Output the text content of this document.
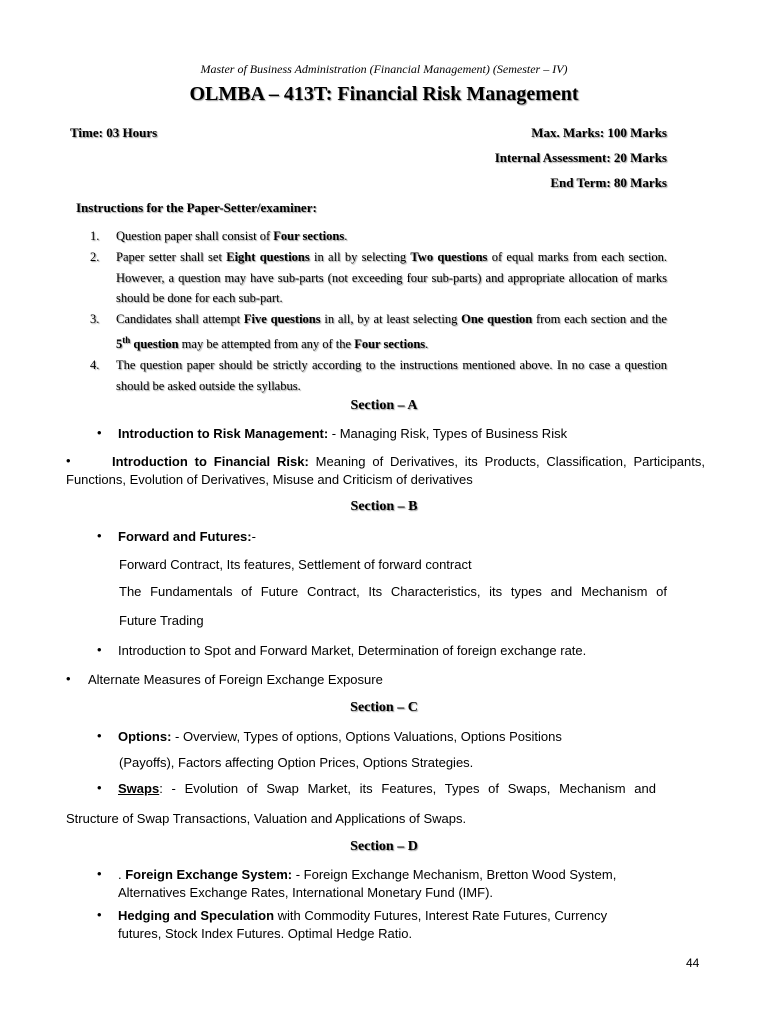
Master of Business Administration (Financial Management) (Semester – IV)
OLMBA – 413T: Financial Risk Management
Time: 03 Hours	Max. Marks: 100 Marks
Internal Assessment: 20 Marks
End Term: 80 Marks
Instructions for the Paper-Setter/examiner:
1.	Question paper shall consist of Four sections.
2.	Paper setter shall set Eight questions in all by selecting Two questions of equal marks from each section. However, a question may have sub-parts (not exceeding four sub-parts) and appropriate allocation of marks should be done for each sub-part.
3.	Candidates shall attempt Five questions in all, by at least selecting One question from each section and the 5th question may be attempted from any of the Four sections.
4.	The question paper should be strictly according to the instructions mentioned above. In no case a question should be asked outside the syllabus.
Section – A
• Introduction to Risk Management: - Managing Risk, Types of Business Risk
•	Introduction to Financial Risk: Meaning of Derivatives, its Products, Classification, Participants, Functions, Evolution of Derivatives, Misuse and Criticism of derivatives
Section – B
• Forward and Futures:-
Forward Contract, Its features, Settlement of forward contract
The Fundamentals of Future Contract, Its Characteristics, its types and Mechanism of
Future Trading
• Introduction to Spot and Forward Market, Determination of foreign exchange rate.
• Alternate Measures of Foreign Exchange Exposure
Section – C
• Options: - Overview, Types of options, Options Valuations, Options Positions
(Payoffs), Factors affecting Option Prices, Options Strategies.
• Swaps: - Evolution of Swap Market, its Features, Types of Swaps, Mechanism and
Structure of Swap Transactions, Valuation and Applications of Swaps.
Section – D
• . Foreign Exchange System: - Foreign Exchange Mechanism, Bretton Wood System, Alternatives Exchange Rates, International Monetary Fund (IMF).
• Hedging and Speculation with Commodity Futures, Interest Rate Futures, Currency futures, Stock Index Futures. Optimal Hedge Ratio.
44
